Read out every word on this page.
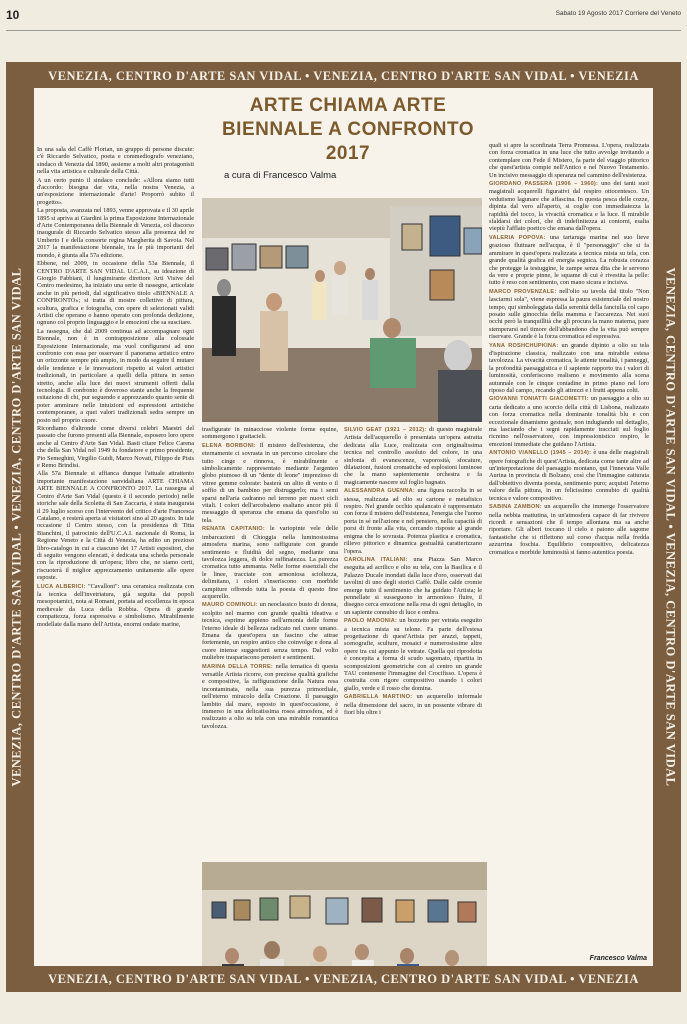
10	Sabato 19 Agosto 2017 Corriere del Veneto
VENEZIA, CENTRO D'ARTE SAN VIDAL • VENEZIA, CENTRO D'ARTE SAN VIDAL • VENEZIA
VENEZIA, CENTRO D'ARTE SAN VIDAL • VENEZIA, CENTRO D'ARTE SAN VIDAL • VENEZIA
VENEZIA, CENTRO D'ARTE SAN VIDAL • VENEZIA, CENTRO D'ARTE SAN VIDAL	VENEZIA, CENTRO D'ARTE SAN VIDAL • VENEZIA, CENTRO D'ARTE SAN VIDAL
ARTE CHIAMA ARTE
BIENNALE A CONFRONTO 2017
a cura di Francesco Valma

In una sala del Caffè Florian, un gruppo di persone discute: c'è Riccardo Selvatico, poeta e commediografo veneziano, sindaco di Venezia dal 1890, assieme a molti altri protagonisti nella vita artistica e culturale della Città.

A un certo punto il sindaco conclude: «Allora siamo tutti d'accordo: bisogna dar vita, nella nostra Venezia, a un'esposizione internazionale d'arte! Proporrò subito il progetto».

La proposta, avanzata nel 1893, venne approvata e il 30 aprile 1895 si apriva ai Giardini la prima Esposizione Internazionale d'Arte Contemporanea della Biennale di Venezia, col discorso inaugurale di Riccardo Selvatico stesso alla presenza del re Umberto I e della consorte regina Margherita di Savoia. Nel 2017 la manifestazione biennale, tra le più importanti del mondo, è giunta alla 57a edizione.

Ebbene, nel 2009, in occasione della 53a Biennale, il CENTRO D'ARTE SAN VIDAL U.C.A.I., su ideazione di Giorgio Fabbiani, il lungimirante direttore Arti Visive del Centro medesimo, ha iniziato una serie di rassegne, articolate anche in più periodi, dal significativo titolo «BIENNALE A CONFRONTO»; si tratta di mostre collettive di pittura, scultura, grafica e fotografia, con opere di selezionati validi Artisti che operano o hanno operato con profonda dedizione, ognuno col proprio linguaggio e le emozioni che sa suscitare.

La rassegna, che dal 2009 continua ad accompagnare ogni Biennale, non è in contrapposizione alla colossale Esposizione Internazionale, ma vuol configurarsi ad uno confronto con essa per osservare il panorama artistico entro un orizzonte sempre più ampio, in modo da seguire il mutare delle tendenze e le innovazioni rispetto ai valori artistici tradizionali, in particolare a quelli della pittura in senso stretto, anche alla luce dei nuovi strumenti offerti dalla tecnologia. Il confronto è doveroso stante anche la frequente esitazione di chi, pur seguendo e apprezzando quanto sente di poter ammirare nelle intuizioni ed espressioni artistiche contemporanee, a quei valori tradizionali sedra sempre un posto nel proprio cuore.

Ricordiamo d'altronde come diversi celebri Maestri del passato che furono presenti alla Biennale, esposero loro opere anche al Centro d'Arte San Vidal. Basti citare Felice Carena che della San Vidal nel 1949 fu fondatore e primo presidente, Pio Semeghini, Virgilio Guidi, Marco Novati, Filippo de Pisis e Remo Brindisi.

Alla 57a Biennale si affianca dunque l'attuale attrattento importante manifestazione sanvidaliana ARTE CHIAMA ARTE BIENNALE A CONFRONTO 2017. La rassegna al Centro d'Arte San Vidal (questo è il secondo periodo) nelle storiche sale della Scoletta di San Zaccaria, è stata inaugurata il 29 luglio scorso con l'intervento del critico d'arte Francesca Catalano, e resterà aperta ai visitatori sino al 20 agosto. In tale occasione il Centro stesso, con la presidenza di Titta Bianchini, il patrocinio dell'U.C.A.I. nazionale di Roma, la Regione Veneto e la Città di Venezia, ha edito un prezioso libro-catalogo in cui a ciascuno dei 17 Artisti espositori, che di seguito vengono elencati, è dedicata una scheda personale con la riproduzione di un'opera; libro che, ne siamo certi, riscuoterà il miglior apprezzamento unitamente alle opere esposte.

LUCA ALBERICI: "Cavalloni": una ceramica realizzata con la tecnica dell'invetriatura, già seguita dai popoli mesopotamici, nota ai Romani, portata ad eccellenza in epoca medievale da Luca della Robbia. Opera di grande compattezza, forza espressiva e simbolismo. Mirabilmente modellate dalla mano dell'Artista, enormi ondate marine,

trasfigurate in minacciose violente forme equine, sommergono i grattacieli.

ELENA BORBONI: Il mistero dell'esistenza, che eternamente ci sovrasta in un percorso circolare che tutto cinge e rinnova, è mirabilmente e simbolicamente rappresentato mediante l'argenteo globo piumoso di un "dente di leone" imprezioso di vitree gemme colorate: basterà un alito di vento o il soffio di un bambino per distruggerlo; ma i semi sparsi nell'aria cadranno nel terreno per nuovi cicli vitali. I colori dell'arcobaleno esaltano ancor più il messaggio di speranza che emana da quest'olio su tela.

RENATA CAPITANIO: le variopinte vele delle imbarcazioni di Chioggia nella luminosissima atmosfera marina, sono raffigurate con grande sentimento e fluidità del segno, mediante una tavolozza leggera, di dolce raffinatezza. La purezza cromatica tutto ammanta. Nelle forme essenziali che le linee, tracciate con armoniosa scioltezza, delimitano, i colori s'inseriscono con morbide campiture offrendo tutta la poesia di questo fine acquerello.

MAURO COMINOLI: un neoclassico busto di donna, scolpito nel marmo con grande qualità ideativa e tecnica, esprime appieno nell'armonia delle forme l'eterno ideale di bellezza radicato nel cuore umano. Emana da quest'opera un fascino che attrae fortemente, un respiro antico che coinvolge e dona al cuore intense suggestioni senza tempo. Dal volto muliebre trasparisconо pensieri e sentimenti.

MARINA DELLA TORRE: nella tematica di questa versatile Artista ricorre, con preziose qualità grafiche e compositive, la raffigurazione della Natura resa incontaminata, nella sua purezza primordiale, nell'eterno miracolo della Creazione. Il paesaggio lambito dal mare, esposto in quest'occasione, è immerso in una delicatissima rosea atmosfera, ed è realizzato a olio su tela con una mirabile romantica tavolozza.

SILVIO GEAT (1921 – 2012): di questo magistrale Artista dell'acquerello è presentata un'opera astratta dedicata alla Luce, realizzata con originalissima tecnica nel controllo assoluto del colore, in una sinfonia di evanescenze, vaporosità, sfocature, dilatazioni, fusioni cromatiche ed esplosioni luminose che la mano sapientemente orchestra e fa magicamente nascere sul foglio bagnato.

ALESSANDRA GUENNA: una figura raccolta in se stessa, realizzata ad olio su cartone e metafisico respiro. Nel grande occhio spalancato è rappresentato con forza il mistero dell'esistenza, l'energia che l'uomo porta in sé nell'azione e nel pensiero, nella capacità di porsi di fronte alla vita, cercando risposte al grande enigma che lo sovrasta. Potenza plastica e cromatica, rilievo pittorico e dinamica gestualità caratterizzano l'opera.

CAROLINA ITALIANI: una Piazza San Marco eseguita ad acrilico e olio su tela, con la Basilica e il Palazzo Ducale inondati dalla luce d'oro, osservati dai tavolini di uno degli storici Caffè. Dalle calde cromie emerge tutto il sentimento che ha guidato l'Artista; le pennellate si susseguono in armonioso fluire, il disegno cerca emozione nella resa di ogni dettaglio, in un sapiente connubio di luce e ombra.

PAOLO MADONIA: un bozzetto per vetrata eseguito a tecnica mista su telone. Fa parte dell'estesa progettazione di quest'Artista per arazzi, tappeti, scenografie, sculture, mosaici e numerosissime altre opere tra cui appunto le vetrate. Quella qui riprodotta è concepita a forma di scudo sagomato, ripartita in scomposizioni geometriche con al centro un grande TAU contenente l'immagine del Crocifisso. L'opera è costruita con rigore compositivo usando i colori giallo, verde e il rosso che domina.

GABRIELLA MARTINO: un acquerello informale nella dimensione del sacro, in un possente vibrare di fiori blu oltre i

quali si apre la sconfinata Terra Promessa. L'opera, realizzata con forza cromatica in una luce che tutto avvolge invitando a contemplare con Fede il Mistero, fa parte del viaggio pittorico che quest'artista compie nell'Antico e nel Nuovo Testamento. Un incisivo messaggio di speranza nel cammino dell'esistenza.

GIORDANO PASSERA (1906 – 1960): uno dei tanti suoi magistrali acquerelli figurativi dal respiro ottocentesco. Un vedutismo lagunare che affascina. In questa pesca delle cozze, dipinta dal vero all'aperto, si coglie con immediatezza la rapidità del tocco, la vivacità cromatica e la luce. Il mirabile sfaldarsi dei colori, che di indefinitezza ai contorni, esalta viepiù l'afflato poetico che emana dall'opera.

VALERIA POPOVA: una tartaruga marina nel suo lieve grazioso fluttuare nell'acqua, è il "personaggio" che si fa ammirare in quest'opera realizzata a tecnica mista su tela, con grande qualità grafica ed energia segnica. La robusta corazza che protegge la testuggine, le zampe senza dita che le servono da vere e proprie pinne, le squame di cui è rivestita la pelle: tutto è reso con sentimento, con mano sicura e incisiva.

MARCO PROVENZALE: nell'olio su tavola dal titolo "Non lasciarmi sola", viene espressa la paura esistenziale del nostro tempo, qui simboleggiata dalla serenità della fanciulla col capo posato sulle ginocchia della mamma e l'accarezza. Nei suoi occhi però la tranquillità che gli procura la mano materna, pare stemperarsi nel timore dell'abbandono che la vita può sempre riservare. Grande è la forza cromatica ed espressiva.

YANA ROSHCHUPKINA: un grande dipinto a olio su tela d'ispirazione classica, realizzato con una mirabile estesa tavolozza. La vivacità cromatica, le attente tonalità, i panneggi, la profondità paesaggistica e il sapiente rapporto tra i valori di luminosità, conferiscono realismo e movimento alla scena autunnale con le cinque contadine in primo piano nel loro riposo dal campo, recando gli attrezzi e i frutti appena colti.

GIOVANNI TONIATTI GIACOMETTI: un paesaggio a olio su carta dedicato a uno scorcio della città di Lisbona, realizzato con forza cromatica nella dominante tonalità blu e con eccezionale dinamismo gestuale, non indugiando sul dettaglio, ma lasciando che i segni rapidamente tracciati sul foglio ricreino nell'osservatore, con impressionistico respiro, le emozioni immediate che guidano l'Artista.

ANTONIO VIANELLO (1945 – 2014): è una delle magistrali opere fotografiche di quest'Artista, dedicata come tante altre ad un'interpretazione del paesaggio montano, qui l'innevata Valle Aurina in provincia di Bolzano, così che l'immagine catturata dall'obiettivo diventa poesia, sentimento puro; acquisti l'eterno valore della pittura, in un felicissimo connubio di qualità tecnica e valore compositivo.

SABINA ZAMBON: un acquerello che immerge l'osservatore nella nebbia mattutina, in un'atmosfera capace di far rivivere ricordi e sensazioni che il tempo allontana ma sa anche riportare. Gli alberi toccano il cielo e paiono alle sagome fantastiche che si riflettono sul corso d'acqua nella fredda azzurrina foschia. Equilibrio compositivo, delicatezza cromatica e morbide luminosità si fanno autentica poesia.

Francesco Valma
